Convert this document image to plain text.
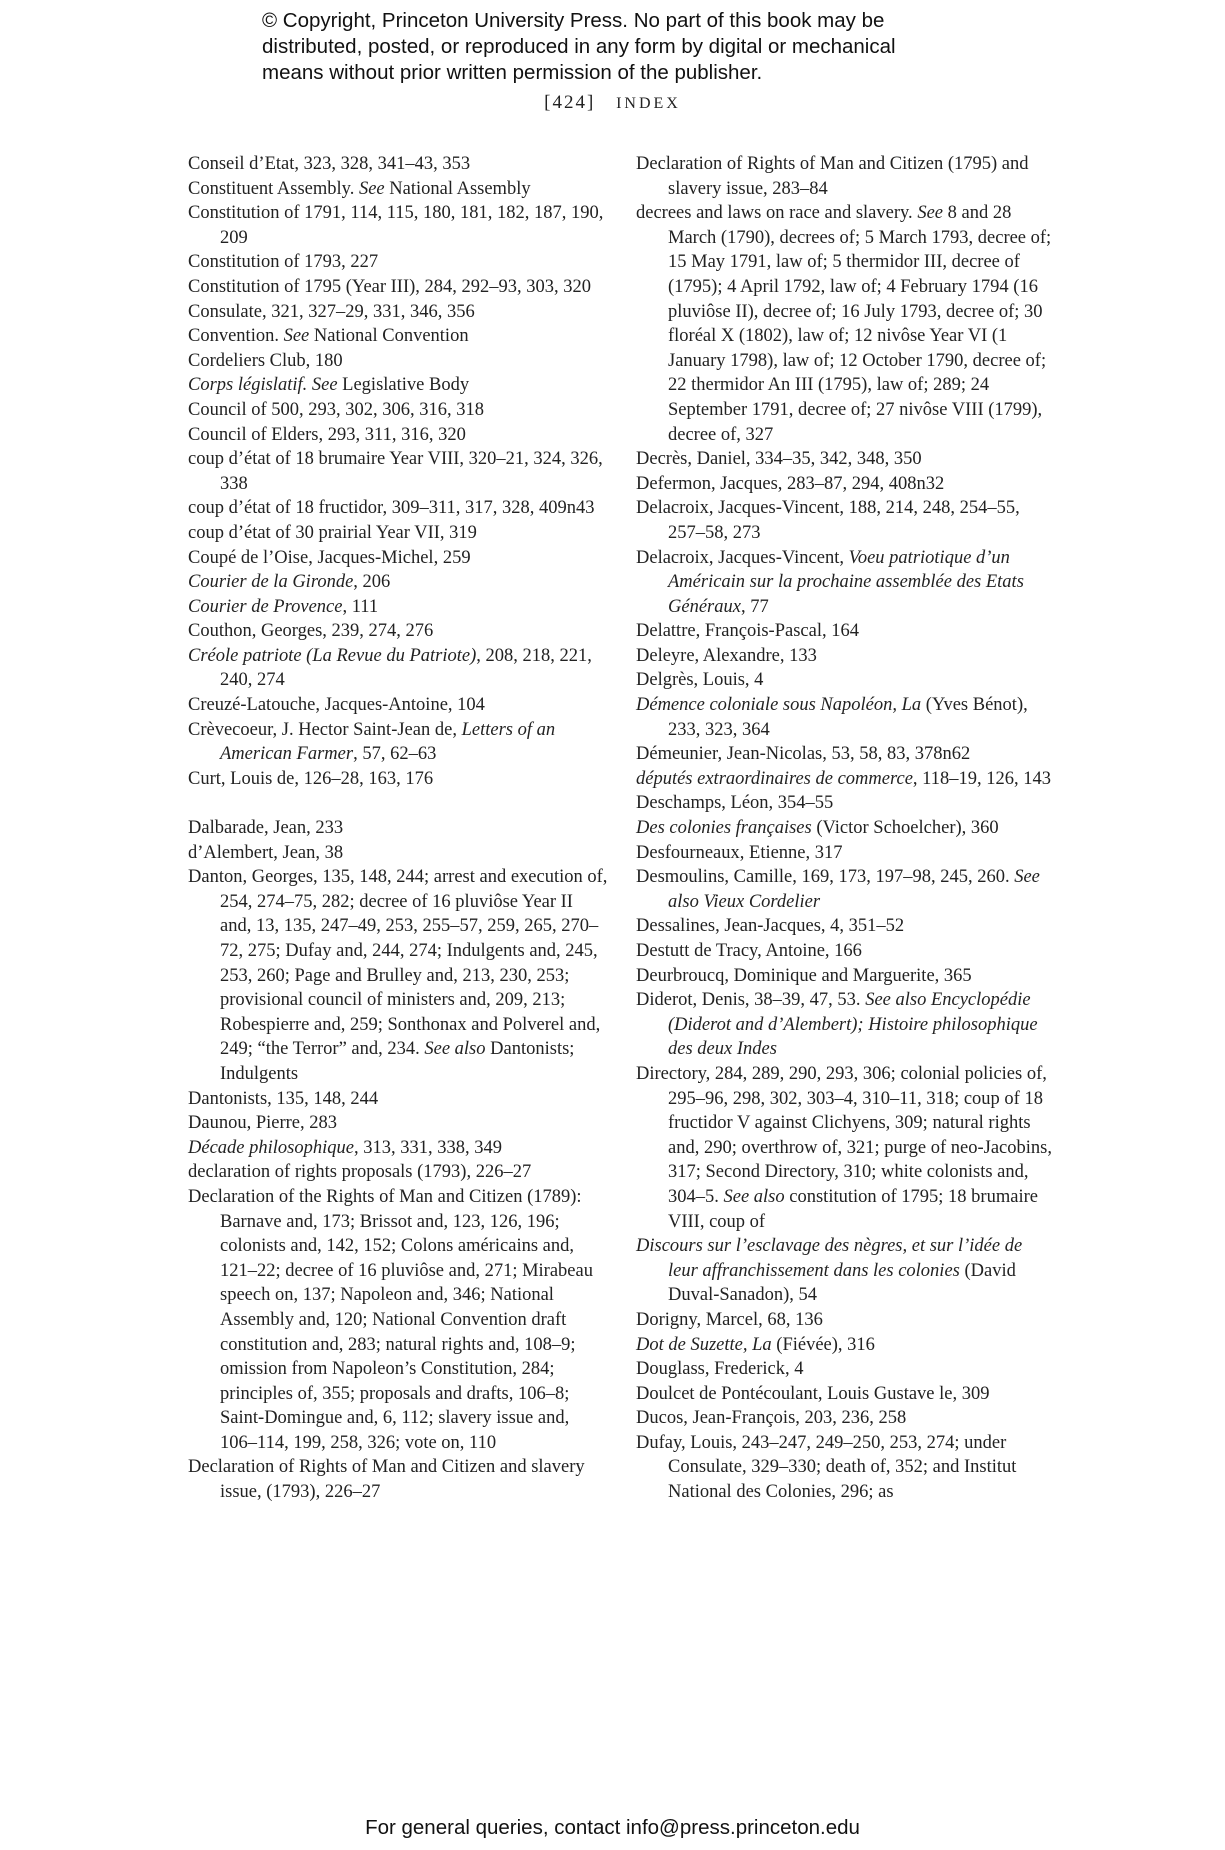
© Copyright, Princeton University Press. No part of this book may be
distributed, posted, or reproduced in any form by digital or mechanical
means without prior written permission of the publisher.
[424] INDEX

Conseil d’Etat, 323, 328, 341–43, 353

Constituent Assembly. See National Assembly

Constitution of 1791, 114, 115, 180, 181, 182, 187, 190, 209

Constitution of 1793, 227

Constitution of 1795 (Year III), 284, 292–93, 303, 320

Consulate, 321, 327–29, 331, 346, 356

Convention. See National Convention

Cordeliers Club, 180

Corps législatif. See Legislative Body

Council of 500, 293, 302, 306, 316, 318

Council of Elders, 293, 311, 316, 320

coup d’état of 18 brumaire Year VIII, 320–21, 324, 326, 338

coup d’état of 18 fructidor, 309–311, 317, 328, 409n43

coup d’état of 30 prairial Year VII, 319

Coupé de l’Oise, Jacques-Michel, 259

Courier de la Gironde, 206

Courier de Provence, 111

Couthon, Georges, 239, 274, 276

Créole patriote (La Revue du Patriote), 208, 218, 221, 240, 274

Creuzé-Latouche, Jacques-Antoine, 104

Crèvecoeur, J. Hector Saint-Jean de, Letters of an American Farmer, 57, 62–63

Curt, Louis de, 126–28, 163, 176

Dalbarade, Jean, 233

d’Alembert, Jean, 38

Danton, Georges, 135, 148, 244; arrest and execution of, 254, 274–75, 282; decree of 16 pluviôse Year II and, 13, 135, 247–49, 253, 255–57, 259, 265, 270–72, 275; Dufay and, 244, 274; Indulgents and, 245, 253, 260; Page and Brulley and, 213, 230, 253; provisional council of ministers and, 209, 213; Robespierre and, 259; Sonthonax and Polverel and, 249; “the Terror” and, 234. See also Dantonists; Indulgents

Dantonists, 135, 148, 244

Daunou, Pierre, 283

Décade philosophique, 313, 331, 338, 349

declaration of rights proposals (1793), 226–27

Declaration of the Rights of Man and Citizen (1789): Barnave and, 173; Brissot and, 123, 126, 196; colonists and, 142, 152; Colons américains and, 121–22; decree of 16 pluviôse and, 271; Mirabeau speech on, 137; Napoleon and, 346; National Assembly and, 120; National Convention draft constitution and, 283; natural rights and, 108–9; omission from Napoleon’s Constitution, 284; principles of, 355; proposals and drafts, 106–8; Saint-Domingue and, 6, 112; slavery issue and, 106–114, 199, 258, 326; vote on, 110

Declaration of Rights of Man and Citizen and slavery issue, (1793), 226–27

Declaration of Rights of Man and Citizen (1795) and slavery issue, 283–84

decrees and laws on race and slavery. See 8 and 28 March (1790), decrees of; 5 March 1793, decree of; 15 May 1791, law of; 5 thermidor III, decree of (1795); 4 April 1792, law of; 4 February 1794 (16 pluviôse II), decree of; 16 July 1793, decree of; 30 floréal X (1802), law of; 12 nivôse Year VI (1 January 1798), law of; 12 October 1790, decree of; 22 thermidor An III (1795), law of; 289; 24 September 1791, decree of; 27 nivôse VIII (1799), decree of, 327

Decrès, Daniel, 334–35, 342, 348, 350

Defermon, Jacques, 283–87, 294, 408n32

Delacroix, Jacques-Vincent, 188, 214, 248, 254–55, 257–58, 273

Delacroix, Jacques-Vincent, Voeu patriotique d’un Américain sur la prochaine assemblée des Etats Généraux, 77

Delattre, François-Pascal, 164

Deleyre, Alexandre, 133

Delgrès, Louis, 4

Démence coloniale sous Napoléon, La (Yves Bénot), 233, 323, 364

Démeunier, Jean-Nicolas, 53, 58, 83, 378n62

députés extraordinaires de commerce, 118–19, 126, 143

Deschamps, Léon, 354–55

Des colonies françaises (Victor Schoelcher), 360

Desfourneaux, Etienne, 317

Desmoulins, Camille, 169, 173, 197–98, 245, 260. See also Vieux Cordelier

Dessalines, Jean-Jacques, 4, 351–52

Destutt de Tracy, Antoine, 166

Deurbroucq, Dominique and Marguerite, 365

Diderot, Denis, 38–39, 47, 53. See also Encyclopédie (Diderot and d’Alembert); Histoire philosophique des deux Indes

Directory, 284, 289, 290, 293, 306; colonial policies of, 295–96, 298, 302, 303–4, 310–11, 318; coup of 18 fructidor V against Clichyens, 309; natural rights and, 290; overthrow of, 321; purge of neo-Jacobins, 317; Second Directory, 310; white colonists and, 304–5. See also constitution of 1795; 18 brumaire VIII, coup of

Discours sur l’esclavage des nègres, et sur l’idée de leur affranchissement dans les colonies (David Duval-Sanadon), 54

Dorigny, Marcel, 68, 136

Dot de Suzette, La (Fiévée), 316

Douglass, Frederick, 4

Doulcet de Pontécoulant, Louis Gustave le, 309

Ducos, Jean-François, 203, 236, 258

Dufay, Louis, 243–247, 249–250, 253, 274; under Consulate, 329–330; death of, 352; and Institut National des Colonies, 296; as

For general queries, contact info@press.princeton.edu
